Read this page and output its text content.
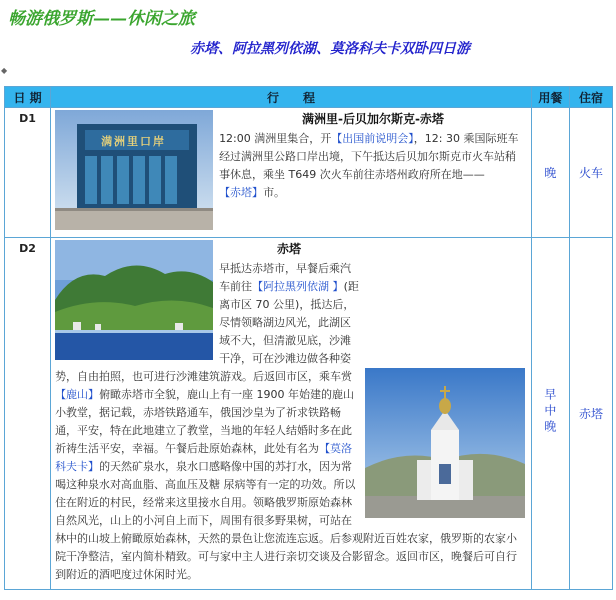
畅游俄罗斯——休闲之旅
赤塔、阿拉黑列依湖、莫洛科夫卡双卧四日游
◆
日 期	行　　程	用餐	住宿
D1	满洲里口岸
满洲里-后贝加尔斯克-赤塔
12:00 满洲里集合，开【出国前说明会】，12: 30 乘国际班车经过满洲里公路口岸出境，下午抵达后贝加尔斯克市火车站稍事休息，乘坐 T649 次火车前往赤塔州政府所在地——【赤塔】市。	晚	火车
D2	赤塔
早抵达赤塔市，早餐后乘汽车前往【阿拉黑列依湖 】(距离市区 70 公里)，抵达后，尽情领略湖边风光，此湖区域不大，但清澈见底，沙滩干净，可在沙滩边做各种姿势，自由拍照，也可进行沙滩建筑游戏。后返回市区，乘车赏【鹿山】俯瞰赤塔市全貌，鹿山上有一座 1900 年始建的鹿山小教堂，据记载，赤塔铁路通车，俄国沙皇为了祈求铁路畅通，平安，特在此地建立了教堂，当地的年轻人结婚时多在此祈祷生活平安，幸福。午餐后赴原始森林，此处有名为【莫洛科夫卡】的天然矿泉水，泉水口感略像中国的苏打水，因为常喝这种泉水对高血脂、高血压及糖 尿病等有一定的功效。所以住在附近的村民，经常来这里接水自用。领略俄罗斯原始森林自然风光，山上的小河自上而下，周围有很多野果树，可站在林中的山坡上俯瞰原始森林，天然的景色让您流连忘返。后参观附近百姓农家，俄罗斯的农家小院干净整洁，室内简朴精致。可与家中主人进行亲切交谈及合影留念。返回市区，晚餐后可自行到附近的酒吧度过休闲时光。	早中晚	赤塔
